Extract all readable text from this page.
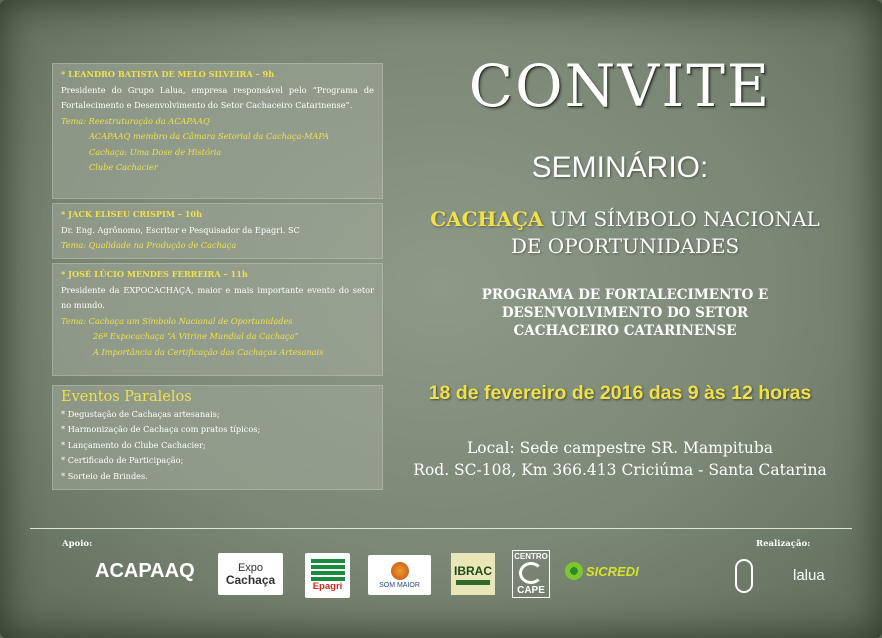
* LEANDRO BATISTA DE MELO SILVEIRA – 9h
Presidente do Grupo Lalua, empresa responsável pelo “Programa de Fortalecimento e Desenvolvimento do Setor Cachaceiro Catarinense”.
Tema: Reestruturação da ACAPAAQ
ACAPAAQ membro da Câmara Setorial da Cachaça-MAPA
Cachaça: Uma Dose de História
Clube Cachacier
* JACK ELISEU CRISPIM – 10h
Dr. Eng. Agrônomo, Escritor e Pesquisador da Epagri. SC
Tema: Qualidade na Produção de Cachaça
* JOSÉ LÚCIO MENDES FERREIRA – 11h
Presidente da EXPOCACHAÇA, maior e mais importante evento do setor no mundo.
Tema: Cachaça um Símbolo Nacional de Oportunidades
26ª Expocachaça “A Vitrine Mundial da Cachaça”
A Importância da Certificação das Cachaças Artesanais
Eventos Paralelos
* Degustação de Cachaças artesanais;
* Harmonização de Cachaça com pratos típicos;
* Lançamento do Clube Cachacier;
* Certificado de Participação;
* Sorteio de Brindes.
CONVITE
SEMINÁRIO:
CACHAÇA UM SÍMBOLO NACIONAL
DE OPORTUNIDADES
PROGRAMA DE FORTALECIMENTO E
DESENVOLVIMENTO DO SETOR
CACHACEIRO CATARINENSE
18 de fevereiro de 2016 das 9 às 12 horas
Local: Sede campestre SR. Mampituba
Rod. SC-108, Km 366.413 Criciúma - Santa Catarina
Apoio:	Realização:
ACAPAAQ	Expo
Cachaça	Epagri	SOM MAIOR
IBRAC
CENTRO
CAPE
SICREDI	lalua
